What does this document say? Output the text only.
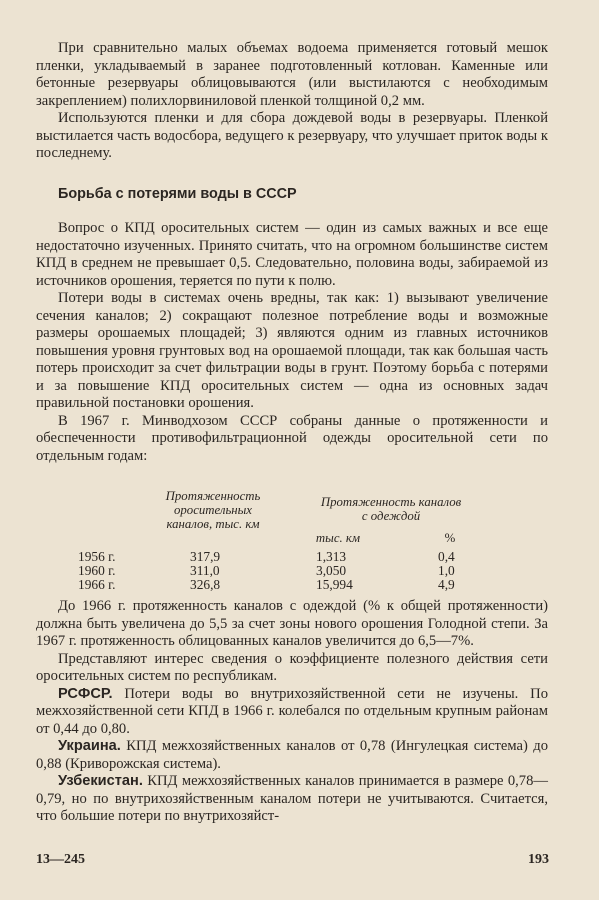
При сравнительно малых объемах водоема применяется готовый мешок пленки, укладываемый в заранее подготовленный котлован. Каменные или бетонные резервуары облицовываются (или выстилаются с необходимым закреплением) полихлорвиниловой пленкой толщиной 0,2 мм.

Используются пленки и для сбора дождевой воды в резервуары. Пленкой выстилается часть водосбора, ведущего к резервуару, что улучшает приток воды к последнему.

Борьба с потерями воды в СССР

Вопрос о КПД оросительных систем — один из самых важных и все еще недостаточно изученных. Принято считать, что на огромном большинстве систем КПД в среднем не превышает 0,5. Следовательно, половина воды, забираемой из источников орошения, теряется по пути к полю.

Потери воды в системах очень вредны, так как: 1) вызывают увеличение сечения каналов; 2) сокращают полезное потребление воды и возможные размеры орошаемых площадей; 3) являются одним из главных источников повышения уровня грунтовых вод на орошаемой площади, так как большая часть потерь происходит за счет фильтрации воды в грунт. Поэтому борьба с потерями и за повышение КПД оросительных систем — одна из основных задач правильной постановки орошения.

В 1967 г. Минводхозом СССР собраны данные о протяженности и обеспеченности противофильтрационной одежды оросительной сети по отдельным годам:

Протяженность
оросительных
каналов, тыс. км
Протяженность каналов
с одеждой
тыс. км	%
1956 г.	317,9	1,313	0,4
1960 г.	311,0	3,050	1,0
1966 г.	326,8	15,994	4,9

До 1966 г. протяженность каналов с одеждой (% к общей протяженности) должна быть увеличена до 5,5 за счет зоны нового орошения Голодной степи. За 1967 г. протяженность облицованных каналов увеличится до 6,5—7%.

Представляют интерес сведения о коэффициенте полезного действия сети оросительных систем по республикам.

РСФСР. Потери воды во внутрихозяйственной сети не изучены. По межхозяйственной сети КПД в 1966 г. колебался по отдельным крупным районам от 0,44 до 0,80.

Украина. КПД межхозяйственных каналов от 0,78 (Ингулецкая система) до 0,88 (Криворожская система).

Узбекистан. КПД межхозяйственных каналов принимается в размере 0,78—0,79, но по внутрихозяйственным каналом потери не учитываются. Считается, что большие потери по внутрихозяйст-

13—245	193
